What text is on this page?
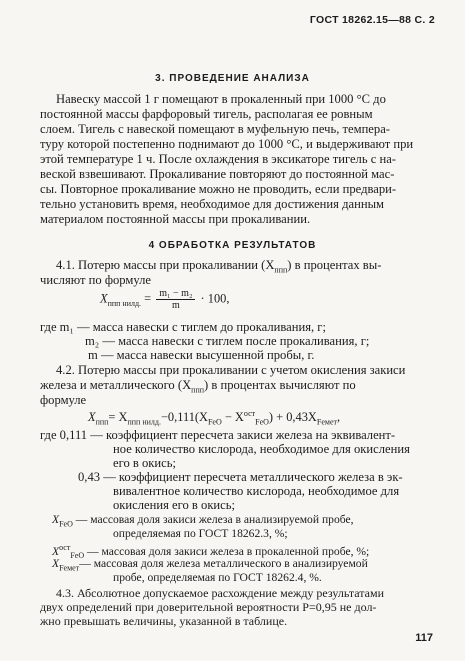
ГОСТ 18262.15—88 С. 2
3. ПРОВЕДЕНИЕ АНАЛИЗА
Навеску массой 1 г помещают в прокаленный при 1000 °С до
постоянной массы фарфоровый тигель, располагая ее ровным
слоем. Тигель с навеской помещают в муфельную печь, темпера-
туру которой постепенно поднимают до 1000 °С, и выдерживают при
этой температуре 1 ч. После охлаждения в эксикаторе тигель с на-
веской взвешивают. Прокаливание повторяют до постоянной мас-
сы. Повторное прокаливание можно не проводить, если предвари-
тельно установить время, необходимое для достижения данным
материалом постоянной массы при прокаливании.
4 ОБРАБОТКА РЕЗУЛЬТАТОВ
4.1. Потерю массы при прокаливании $(X_{ппп})$ в процентах вы-
числяют по формуле
$X_{ппп нилд.} = \frac{\text{m₁ − m₂}}{m} \cdot 100$,
где m₁ — масса навески с тиглем до прокаливания, г;
m₂ — масса навески с тиглем после прокаливания, г;
m — масса навески высушенной пробы, г.
4.2. Потерю массы при прокаливании с учетом окисления закиси
железа и металлического $(X_{ппп})$ в процентах вычисляют по
формуле
$X_{ппп}= X_{ппп нилд.}-0,111(X_{FeO} - X^{ост}_{FeO}) + 0,43X_{Feмет}$,
где 0,111 — коэффициент пересчета закиси железа на эквивалент-
ное количество кислорода, необходимое для окисления
его в окись;
0,43 — коэффициент пересчета металлического железа в эк-
вивалентное количество кислорода, необходимое для
окисления его в окись;
$X_{FeO}$ — массовая доля закиси железа в анализируемой пробе,
определяемая по ГОСТ 18262.3, %;
$X^{ост}_{FeO}$ — массовая доля закиси железа в прокаленной пробе, %;
$X_{Feмет}—$ массовая доля железа металлического в анализируемой
пробе, определяемая по ГОСТ 18262.4, %.
4.3. Абсолютное допускаемое расхождение между результатами
двух определений при доверительной вероятности P=0,95 не дол-
жно превышать величины, указанной в таблице.
117
